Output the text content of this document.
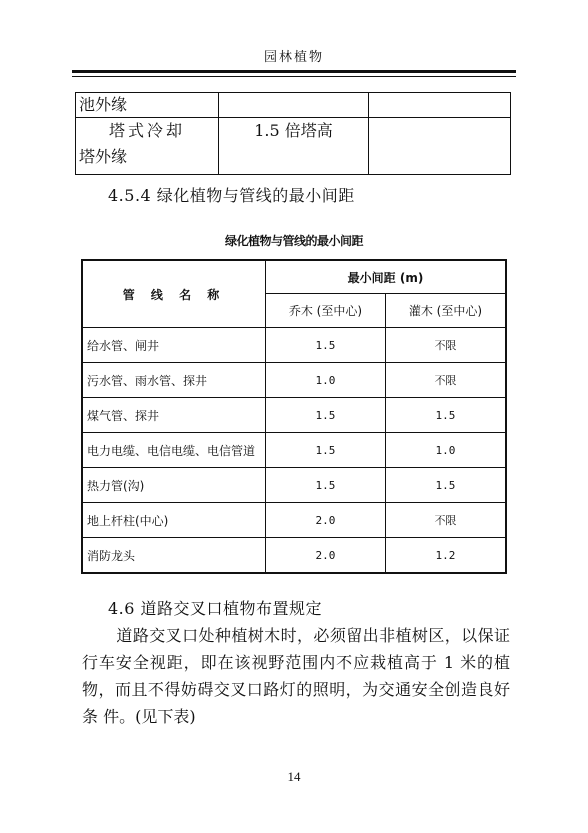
园林植物
池外缘		

塔式冷却
塔外缘	1.5 倍塔高	

4.5.4 绿化植物与管线的最小间距
绿化植物与管线的最小间距
管 线 名 称	最小间距 (m)	
	乔木 (至中心)	灌木 (至中心)
给水管、闸井	1.5	不限
污水管、雨水管、探井	1.0	不限
煤气管、探井	1.5	1.5
电力电缆、电信电缆、电信管道	1.5	1.0
热力管(沟)	1.5	1.5
地上杆柱(中心)	2.0	不限
消防龙头	2.0	1.2
4.6 道路交叉口植物布置规定
道路交叉口处种植树木时，必须留出非植树区，以保证行车安全视距，即在该视野范围内不应栽植高于 1 米的植物，而且不得妨碍交叉口路灯的照明，为交通安全创造良好条 件。(见下表)
14
